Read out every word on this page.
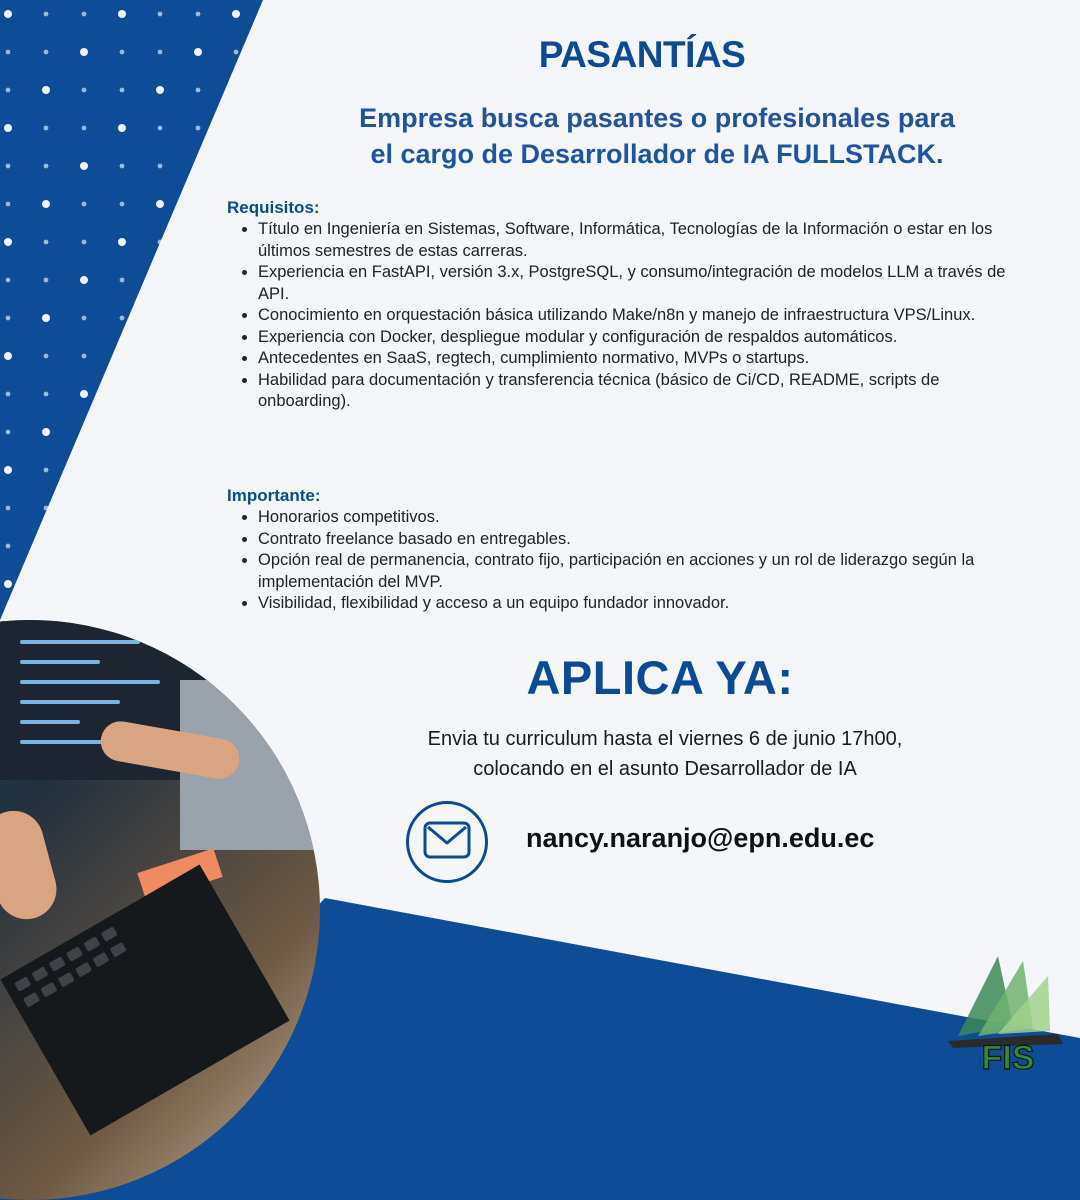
PASANTÍAS
Empresa busca pasantes o profesionales para
el cargo de Desarrollador de IA FULLSTACK.
Requisitos:
• Título en Ingeniería en Sistemas, Software, Informática, Tecnologías de la Información o estar en los últimos semestres de estas carreras.
• Experiencia en FastAPI, versión 3.x, PostgreSQL, y consumo/integración de modelos LLM a través de API.
• Conocimiento en orquestación básica utilizando Make/n8n y manejo de infraestructura VPS/Linux.
• Experiencia con Docker, despliegue modular y configuración de respaldos automáticos.
• Antecedentes en SaaS, regtech, cumplimiento normativo, MVPs o startups.
• Habilidad para documentación y transferencia técnica (básico de Ci/CD, README, scripts de onboarding).
Importante:
• Honorarios competitivos.
• Contrato freelance basado en entregables.
• Opción real de permanencia, contrato fijo, participación en acciones y un rol de liderazgo según la implementación del MVP.
• Visibilidad, flexibilidad y acceso a un equipo fundador innovador.
APLICA YA:
Envia tu curriculum hasta el viernes 6 de junio 17h00,
colocando en el asunto Desarrollador de IA
nancy.naranjo@epn.edu.ec
FIS
